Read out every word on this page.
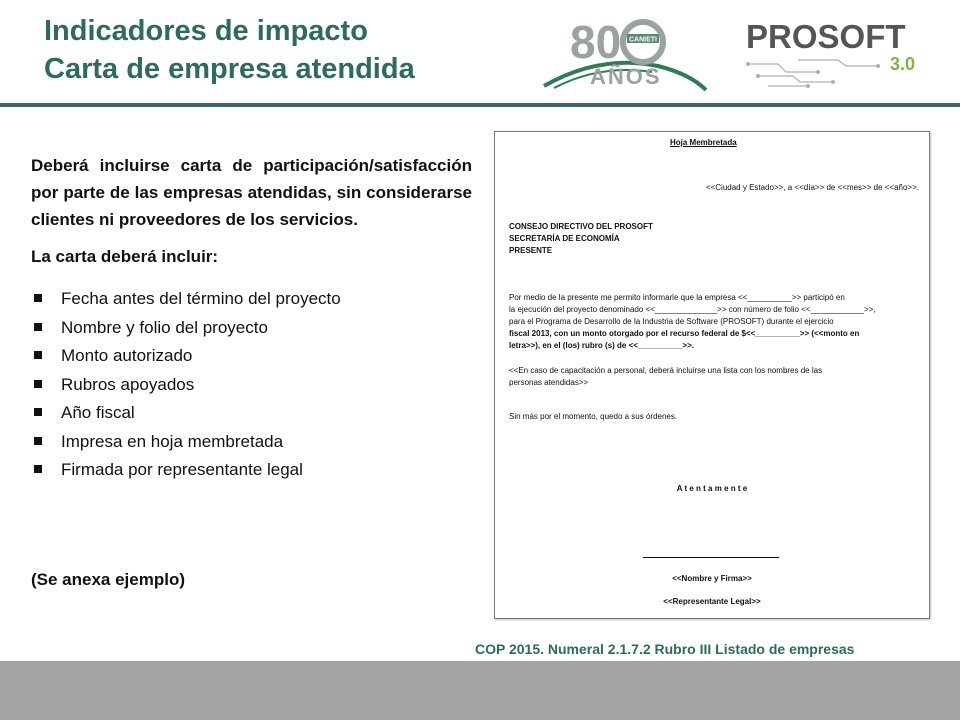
Indicadores de impacto
Carta de empresa atendida
80 CANIETI
AÑOS
PROSOFT
3.0

Deberá incluirse carta de participación/satisfacción por parte de las empresas atendidas, sin considerarse clientes ni proveedores de los servicios.

La carta deberá incluir:

Fecha antes del término del proyecto
Nombre y folio del proyecto
Monto autorizado
Rubros apoyados
Año fiscal
Impresa en hoja membretada
Firmada por representante legal
(Se anexa ejemplo)
Hoja Membretada
<<Ciudad y Estado>>, a <<día>> de <<mes>> de <<año>>.
CONSEJO DIRECTIVO DEL PROSOFT
SECRETARÍA DE ECONOMÍA
PRESENTE
Por medio de la presente me permito informarle que la empresa <<__________>> participó en
la ejecución del proyecto denominado <<______________>> con número de folio <<____________>>,
para el Programa de Desarrollo de la Industria de Software (PROSOFT) durante el ejercicio
fiscal 2013, con un monto otorgado por el recurso federal de $<<__________>> (<<monto en
letra>>), en el (los) rubro (s) de <<__________>>.
<<En caso de capacitación a personal, deberá incluirse una lista con los nombres de las
personas atendidas>>
Sin más por el momento, quedo a sus órdenes.
A t e n t a m e n t e
<<Nombre y Firma>>
<<Representante Legal>>
COP 2015. Numeral 2.1.7.2 Rubro III Listado de empresas
